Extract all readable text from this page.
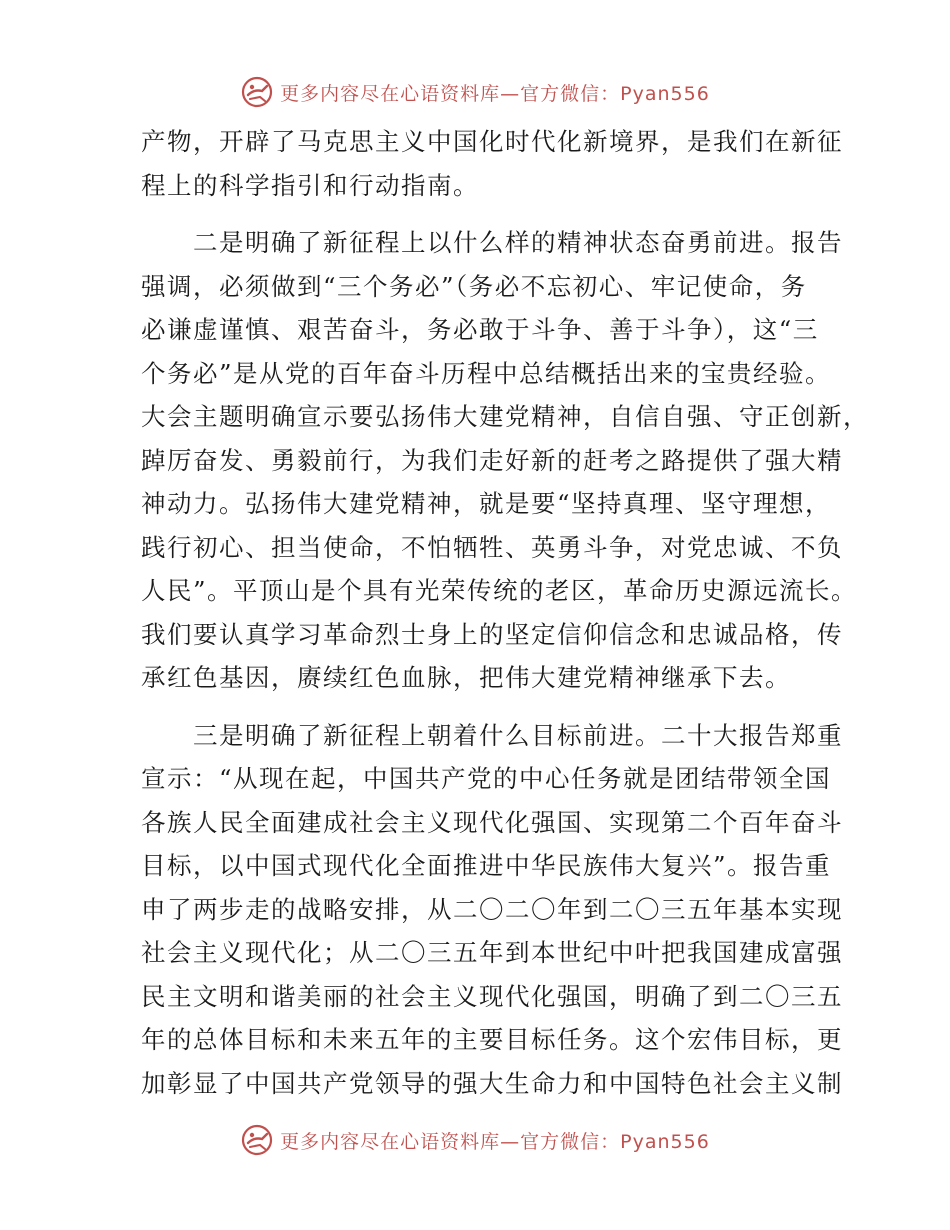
更多内容尽在心语资料库—官方微信：Pyan556
产物，开辟了马克思主义中国化时代化新境界，是我们在新征
程上的科学指引和行动指南。
　　二是明确了新征程上以什么样的精神状态奋勇前进。报告
强调，必须做到“三个务必”（务必不忘初心、牢记使命，务
必谦虚谨慎、艰苦奋斗，务必敢于斗争、善于斗争），这“三
个务必”是从党的百年奋斗历程中总结概括出来的宝贵经验。
大会主题明确宣示要弘扬伟大建党精神，自信自强、守正创新，
踔厉奋发、勇毅前行，为我们走好新的赶考之路提供了强大精
神动力。弘扬伟大建党精神，就是要“坚持真理、坚守理想，
践行初心、担当使命，不怕牺牲、英勇斗争，对党忠诚、不负
人民”。平顶山是个具有光荣传统的老区，革命历史源远流长。
我们要认真学习革命烈士身上的坚定信仰信念和忠诚品格，传
承红色基因，赓续红色血脉，把伟大建党精神继承下去。
　　三是明确了新征程上朝着什么目标前进。二十大报告郑重
宣示：“从现在起，中国共产党的中心任务就是团结带领全国
各族人民全面建成社会主义现代化强国、实现第二个百年奋斗
目标，以中国式现代化全面推进中华民族伟大复兴”。报告重
申了两步走的战略安排，从二〇二〇年到二〇三五年基本实现
社会主义现代化；从二〇三五年到本世纪中叶把我国建成富强
民主文明和谐美丽的社会主义现代化强国，明确了到二〇三五
年的总体目标和未来五年的主要目标任务。这个宏伟目标，更
加彰显了中国共产党领导的强大生命力和中国特色社会主义制
更多内容尽在心语资料库—官方微信：Pyan556
